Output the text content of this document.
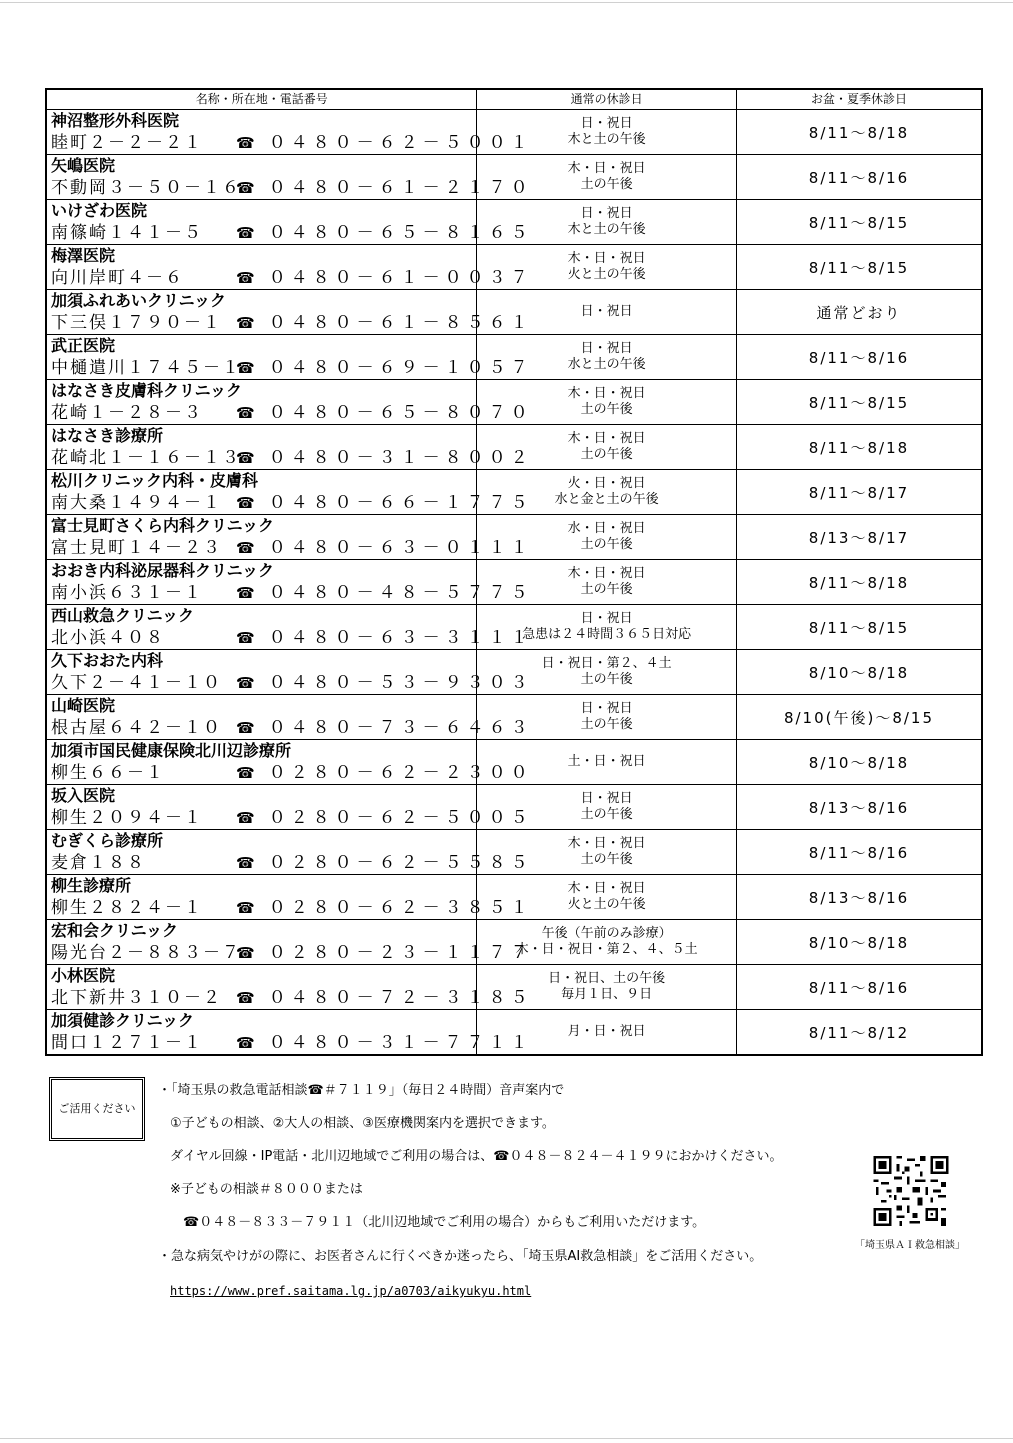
名称・所在地・電話番号	通常の休診日	お盆・夏季休診日

神沼整形外科医院
睦町２－２－２１ ☎ ０４８０－６２－５００１	日・祝日
木と土の午後	8/11～8/18

矢嶋医院
不動岡３－５０－１６
☎ ０４８０－６１－２１７０	木・日・祝日
土の午後	8/11～8/16

いけざわ医院
南篠崎１４１－５ ☎ ０４８０－６５－８１６５	日・祝日
木と土の午後	8/11～8/15

梅澤医院
向川岸町４－６ ☎ ０４８０－６１－００３７	木・日・祝日
火と土の午後	8/11～8/15

加須ふれあいクリニック
下三俣１７９０－１ ☎ ０４８０－６１－８５６１	日・祝日	通常どおり

武正医院
中樋遣川１７４５－１
☎ ０４８０－６９－１０５７	日・祝日
水と土の午後	8/11～8/16

はなさき皮膚科クリニック
花崎１－２８－３ ☎ ０４８０－６５－８０７０	木・日・祝日
土の午後	8/11～8/15

はなさき診療所
花崎北１－１６－１３
☎ ０４８０－３１－８００２	木・日・祝日
土の午後	8/11～8/18

松川クリニック内科・皮膚科
南大桑１４９４－１ ☎ ０４８０－６６－１７７５	火・日・祝日
水と金と土の午後	8/11～8/17

富士見町さくら内科クリニック
富士見町１４－２３ ☎ ０４８０－６３－０１１１	水・日・祝日
土の午後	8/13～8/17

おおき内科泌尿器科クリニック
南小浜６３１－１ ☎ ０４８０－４８－５７７５	木・日・祝日
土の午後	8/11～8/18

西山救急クリニック
北小浜４０８ ☎ ０４８０－６３－３１１１	日・祝日
急患は２４時間３６５日対応	8/11～8/15

久下おおた内科
久下２－４１－１０ ☎ ０４８０－５３－９３０３	日・祝日・第２、４土
土の午後	8/10～8/18

山崎医院
根古屋６４２－１０ ☎ ０４８０－７３－６４６３	日・祝日
土の午後	8/10(午後)～8/15

加須市国民健康保険北川辺診療所
柳生６６－１ ☎ ０２８０－６２－２３００	土・日・祝日	8/10～8/18

坂入医院
柳生２０９４－１ ☎ ０２８０－６２－５００５	日・祝日
土の午後	8/13～8/16

むぎくら診療所
麦倉１８８ ☎ ０２８０－６２－５５８５	木・日・祝日
土の午後	8/11～8/16

柳生診療所
柳生２８２４－１ ☎ ０２８０－６２－３８５１	木・日・祝日
火と土の午後	8/13～8/16

宏和会クリニック
陽光台２－８８３－７
☎ ０２８０－２３－１１７７	午後（午前のみ診療）
木・日・祝日・第２、４、５土	8/10～8/18

小林医院
北下新井３１０－２ ☎ ０４８０－７２－３１８５	日・祝日、土の午後
毎月１日、９日	8/11～8/16

加須健診クリニック
間口１２７１－１ ☎ ０４８０－３１－７７１１	月・日・祝日	8/11～8/12
ご活用ください
・「埼玉県の救急電話相談☎＃７１１９」（毎日２４時間）音声案内で
①子どもの相談、②大人の相談、③医療機関案内を選択できます。
ダイヤル回線・IP電話・北川辺地域でご利用の場合は、☎０４８－８２４－４１９９におかけください。
※子どもの相談＃８０００または
☎０４８－８３３－７９１１（北川辺地域でご利用の場合）からもご利用いただけます。
・急な病気やけがの際に、お医者さんに行くべきか迷ったら、「埼玉県AI救急相談」をご活用ください。
https://www.pref.saitama.lg.jp/a0703/aikyukyu.html
「埼玉県ＡＩ救急相談」
